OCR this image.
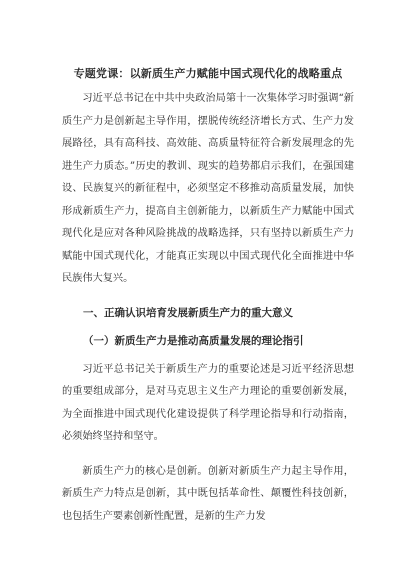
专题党课：以新质生产力赋能中国式现代化的战略重点

习近平总书记在中共中央政治局第十一次集体学习时强调“新质生产力是创新起主导作用，摆脱传统经济增长方式、生产力发展路径，具有高科技、高效能、高质量特征符合新发展理念的先进生产力质态。”历史的教训、现实的趋势都启示我们，在强国建设、民族复兴的新征程中，必须坚定不移推动高质量发展，加快形成新质生产力，提高自主创新能力，以新质生产力赋能中国式现代化是应对各种风险挑战的战略选择，只有坚持以新质生产力赋能中国式现代化，才能真正实现以中国式现代化全面推进中华民族伟大复兴。

一、正确认识培育发展新质生产力的重大意义
（一）新质生产力是推动高质量发展的理论指引

习近平总书记关于新质生产力的重要论述是习近平经济思想的重要组成部分，是对马克思主义生产力理论的重要创新发展，为全面推进中国式现代化建设提供了科学理论指导和行动指南，必须始终坚持和坚守。

新质生产力的核心是创新。创新对新质生产力起主导作用，新质生产力特点是创新，其中既包括革命性、颠覆性科技创新，也包括生产要素创新性配置，是新的生产力发
